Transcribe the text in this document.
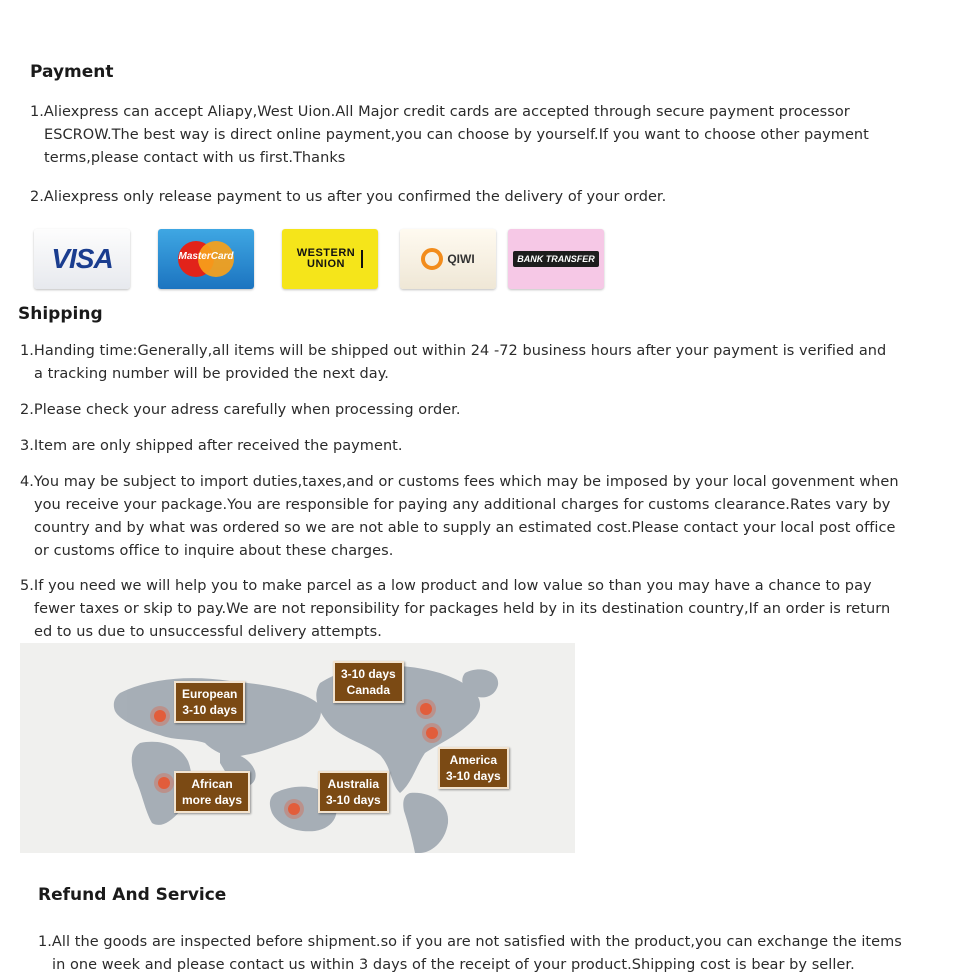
Payment
1.Aliexpress can accept Aliapy,West Uion.All Major credit cards are accepted through secure payment processor
ESCROW.The best way is direct online payment,you can choose by yourself.If you want to choose other payment
terms,please contact with us first.Thanks
2.Aliexpress only release payment to us after you confirmed the delivery of your order.
VISA	MasterCard	WESTERN
UNION	QIWI	BANK TRANSFER
Shipping
1.Handing time:Generally,all items will be shipped out within 24 -72 business hours after your payment is verified and
a tracking number will be provided the next day.
2.Please check your adress carefully when processing order.
3.Item are only shipped after received the payment.
4.You may be subject to import duties,taxes,and or customs fees which may be imposed by your local govenment when
you receive your package.You are responsible for paying any additional charges for customs clearance.Rates vary by
country and by what was ordered so we are not able to supply an estimated cost.Please contact your local post office
or customs office to inquire about these charges.
5.If you need we will help you to make parcel as a low product and low value so than you may have a chance to pay
fewer taxes or skip to pay.We are not reponsibility for packages held by in its destination country,If an order is return
ed to us due to unsuccessful delivery attempts.
European
3-10 days
3-10 days
Canada
African
more days
Australia
3-10 days
America
3-10 days
Refund And Service
1.All the goods are inspected before shipment.so if you are not satisfied with the product,you can exchange the items
in one week and please contact us within 3 days of the receipt of your product.Shipping cost is bear by seller.
